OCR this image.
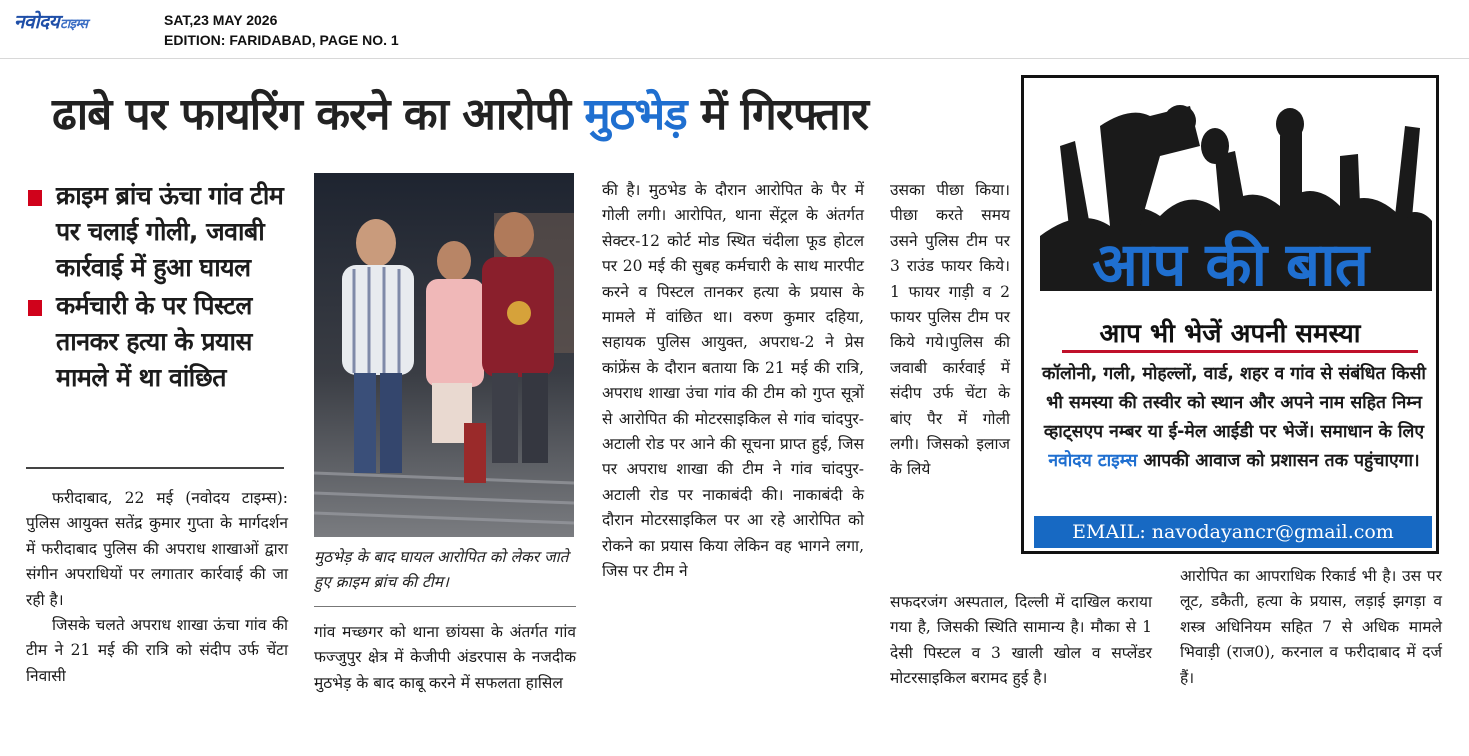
नवोदयटाइम्स	SAT,23 MAY 2026
EDITION: FARIDABAD, PAGE NO. 1
ढाबे पर फायरिंग करने का आरोपी मुठभेड़ में गिरफ्तार
क्राइम ब्रांच ऊंचा गांव टीम पर चलाई गोली, जवाबी कार्रवाई में हुआ घायल
कर्मचारी के पर पिस्टल तानकर हत्या के प्रयास मामले में था वांछित

फरीदाबाद, 22 मई (नवोदय टाइम्स): पुलिस आयुक्त सतेंद्र कुमार गुप्ता के मार्गदर्शन में फरीदाबाद पुलिस की अपराध शाखाओं द्वारा संगीन अपराधियों पर लगातार कार्रवाई की जा रही है।

जिसके चलते अपराध शाखा ऊंचा गांव की टीम ने 21 मई की रात्रि को संदीप उर्फ चेंटा निवासी

मुठभेड़ के बाद घायल आरोपित को लेकर जाते हुए क्राइम ब्रांच की टीम।

गांव मच्छगर को थाना छांयसा के अंतर्गत गांव फज्जुपुर क्षेत्र में केजीपी अंडरपास के नजदीक मुठभेड़ के बाद काबू करने में सफलता हासिल

की है। मुठभेड के दौरान आरोपित के पैर में गोली लगी। आरोपित, थाना सेंट्रल के अंतर्गत सेक्टर-12 कोर्ट मोड स्थित चंदीला फूड होटल पर 20 मई की सुबह कर्मचारी के साथ मारपीट करने व पिस्टल तानकर हत्या के प्रयास के मामले में वांछित था। वरुण कुमार दहिया, सहायक पुलिस आयुक्त, अपराध-2 ने प्रेस कांफ्रेंस के दौरान बताया कि 21 मई की रात्रि, अपराध शाखा उंचा गांव की टीम को गुप्त सूत्रों से आरोपित की मोटरसाइकिल से गांव चांदपुर-अटाली रोड पर आने की सूचना प्राप्त हुई, जिस पर अपराध शाखा की टीम ने गांव चांदपुर-अटाली रोड पर नाकाबंदी की। नाकाबंदी के दौरान मोटरसाइकिल पर आ रहे आरोपित को रोकने का प्रयास किया लेकिन वह भागने लगा, जिस पर टीम ने

उसका पीछा किया। पीछा करते समय उसने पुलिस टीम पर 3 राउंड फायर किये। 1 फायर गाड़ी व 2 फायर पुलिस टीम पर किये गये।पुलिस की जवाबी कार्रवाई में संदीप उर्फ चेंटा के बांए पैर में गोली लगी। जिसको इलाज के लिये

सफदरजंग अस्पताल, दिल्ली में दाखिल कराया गया है, जिसकी स्थिति सामान्य है। मौका से 1 देसी पिस्टल व 3 खाली खोल व सप्लेंडर मोटरसाइकिल बरामद हुई है।

आरोपित का आपराधिक रिकार्ड भी है। उस पर लूट, डकैती, हत्या के प्रयास, लड़ाई झगड़ा व शस्त्र अधिनियम सहित 7 से अधिक मामले भिवाड़ी (राज0), करनाल व फरीदाबाद में दर्ज हैं।

आप की बात
आप भी भेजें अपनी समस्या
कॉलोनी, गली, मोहल्लों, वार्ड, शहर व गांव से संबंधित किसी भी समस्या की तस्वीर को स्थान और अपने नाम सहित निम्न व्हाट्सएप नम्बर या ई-मेल आईडी पर भेजें। समाधान के लिए नवोदय टाइम्स आपकी आवाज को प्रशासन तक पहुंचाएगा।
EMAIL: navodayancr@gmail.com
